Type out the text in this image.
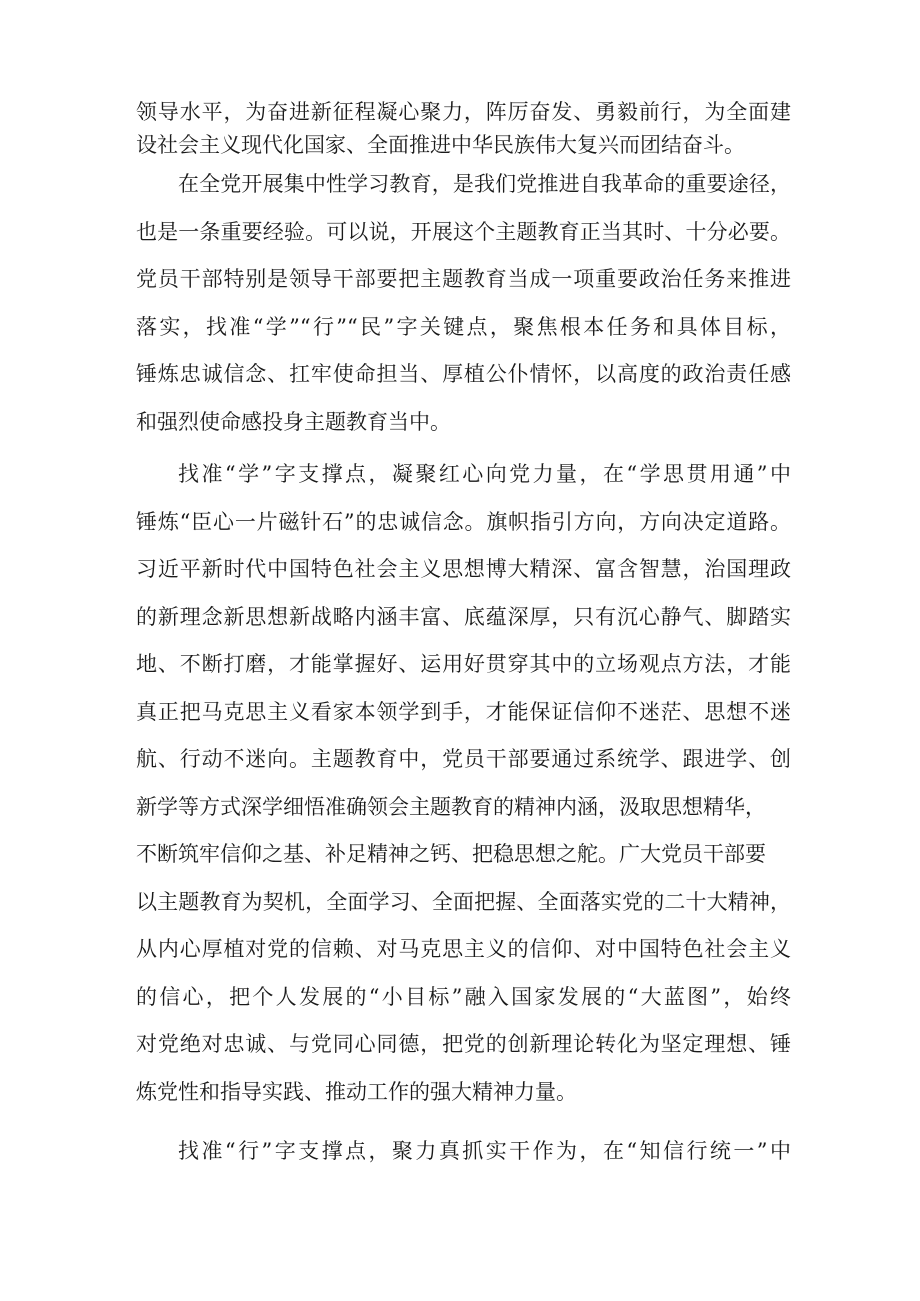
领导水平，为奋进新征程凝心聚力，阵厉奋发、勇毅前行，为全面建
设社会主义现代化国家、全面推进中华民族伟大复兴而团结奋斗。
在全党开展集中性学习教育，是我们党推进自我革命的重要途径，
也是一条重要经验。可以说，开展这个主题教育正当其时、十分必要。
党员干部特别是领导干部要把主题教育当成一项重要政治任务来推进
落实，找准“学”“行”“民”字关键点，聚焦根本任务和具体目标，
锤炼忠诚信念、扛牢使命担当、厚植公仆情怀，以高度的政治责任感
和强烈使命感投身主题教育当中。
找准“学”字支撑点，凝聚红心向党力量，在“学思贯用通”中
锤炼“臣心一片磁针石”的忠诚信念。旗帜指引方向，方向决定道路。
习近平新时代中国特色社会主义思想博大精深、富含智慧，治国理政
的新理念新思想新战略内涵丰富、底蕴深厚，只有沉心静气、脚踏实
地、不断打磨，才能掌握好、运用好贯穿其中的立场观点方法，才能
真正把马克思主义看家本领学到手，才能保证信仰不迷茫、思想不迷
航、行动不迷向。主题教育中，党员干部要通过系统学、跟进学、创
新学等方式深学细悟准确领会主题教育的精神内涵，汲取思想精华，
不断筑牢信仰之基、补足精神之钙、把稳思想之舵。广大党员干部要
以主题教育为契机，全面学习、全面把握、全面落实党的二十大精神，
从内心厚植对党的信赖、对马克思主义的信仰、对中国特色社会主义
的信心，把个人发展的“小目标”融入国家发展的“大蓝图”，始终
对党绝对忠诚、与党同心同德，把党的创新理论转化为坚定理想、锤
炼党性和指导实践、推动工作的强大精神力量。
找准“行”字支撑点，聚力真抓实干作为，在“知信行统一”中
